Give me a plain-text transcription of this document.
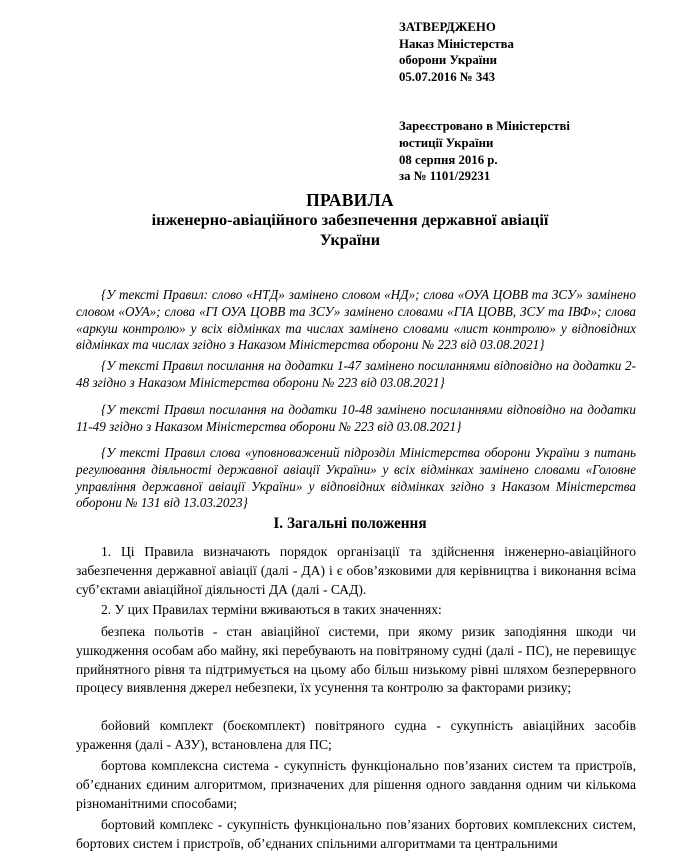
ЗАТВЕРДЖЕНО
Наказ Міністерства
оборони України
05.07.2016 № 343
Зареєстровано в Міністерстві
юстиції України
08 серпня 2016 р.
за № 1101/29231
ПРАВИЛА
інженерно-авіаційного забезпечення державної авіації
України
{У тексті Правил: слово «НТД» замінено словом «НД»; слова «ОУА ЦОВВ та ЗСУ» замінено словом «ОУА»; слова «ГІ ОУА ЦОВВ та ЗСУ» замінено словами «ГІА ЦОВВ, ЗСУ та ІВФ»; слова «аркуш контролю» у всіх відмінках та числах замінено словами «лист контролю» у відповідних відмінках та числах згідно з Наказом Міністерства оборони № 223 від 03.08.2021}
{У тексті Правил посилання на додатки 1-47 замінено посиланнями відповідно на додатки 2-48 згідно з Наказом Міністерства оборони № 223 від 03.08.2021}
{У тексті Правил посилання на додатки 10-48 замінено посиланнями відповідно на додатки 11-49 згідно з Наказом Міністерства оборони № 223 від 03.08.2021}
{У тексті Правил слова «уповноважений підрозділ Міністерства оборони України з питань регулювання діяльності державної авіації України» у всіх відмінках замінено словами «Головне управління державної авіації України» у відповідних відмінках згідно з Наказом Міністерства оборони № 131 від 13.03.2023}
I. Загальні положення
1. Ці Правила визначають порядок організації та здійснення інженерно-авіаційного забезпечення державної авіації (далі - ДА) і є обов’язковими для керівництва і виконання всіма суб’єктами авіаційної діяльності ДА (далі - САД).
2. У цих Правилах терміни вживаються в таких значеннях:
безпека польотів - стан авіаційної системи, при якому ризик заподіяння шкоди чи ушкодження особам або майну, які перебувають на повітряному судні (далі - ПС), не перевищує прийнятного рівня та підтримується на цьому або більш низькому рівні шляхом безперервного процесу виявлення джерел небезпеки, їх усунення та контролю за факторами ризику;
бойовий комплект (боєкомплект) повітряного судна - сукупність авіаційних засобів ураження (далі - АЗУ), встановлена для ПС;
бортова комплексна система - сукупність функціонально пов’язаних систем та пристроїв, об’єднаних єдиним алгоритмом, призначених для рішення одного завдання одним чи кількома різноманітними способами;
бортовий комплекс - сукупність функціонально пов’язаних бортових комплексних систем, бортових систем і пристроїв, об’єднаних спільними алгоритмами та центральними
